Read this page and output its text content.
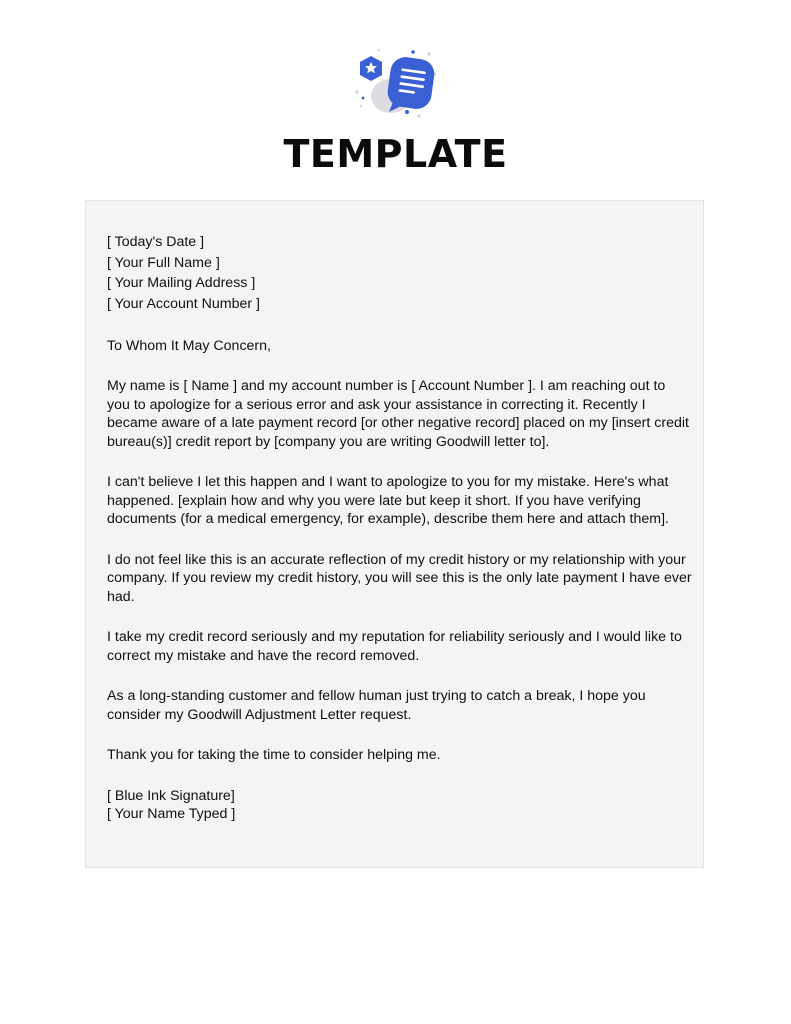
TEMPLATE
[ Today's Date ]
[ Your Full Name ]
[ Your Mailing Address ]
[ Your Account Number ]

To Whom It May Concern,

My name is [ Name ] and my account number is [ Account Number ]. I am reaching out to you to apologize for a serious error and ask your assistance in correcting it. Recently I became aware of a late payment record [or other negative record] placed on my [insert credit bureau(s)] credit report by [company you are writing Goodwill letter to].

I can't believe I let this happen and I want to apologize to you for my mistake. Here's what happened. [explain how and why you were late but keep it short. If you have verifying documents (for a medical emergency, for example), describe them here and attach them].

I do not feel like this is an accurate reflection of my credit history or my relationship with your company. If you review my credit history, you will see this is the only late payment I have ever had.

I take my credit record seriously and my reputation for reliability seriously and I would like to correct my mistake and have the record removed.

As a long-standing customer and fellow human just trying to catch a break, I hope you consider my Goodwill Adjustment Letter request.

Thank you for taking the time to consider helping me.

[ Blue Ink Signature]
[ Your Name Typed ]
